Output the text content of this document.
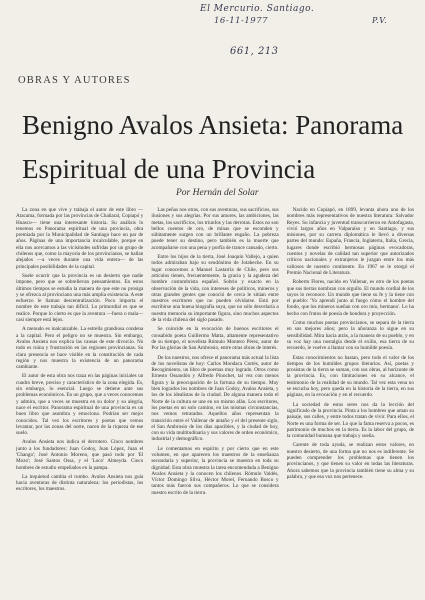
El Mercurio. Santiago.
16-11-1977	P.V.
661, 213
OBRAS Y AUTORES
Benigno Avalos Ansieta: Panorama
Espiritual de una Provincia
Por Hernán del Solar

La zona en que vive y trabaja el autor de este libro —Atacama, formada por las provincias de Chañaral, Copiapó y Huasco— tiene una interesante historia. Su análisis lo tenemos en Panorama espiritual de una provincia, obra premiada por la Municipalidad de Santiago hace un par de años. Páginas de una importancia incalculable, porque en ella nos acercamos a las vicisitudes sufridas por un grupo de chilenos que, como la mayoría de los provincianos, se hallan alejados —a veces durante una vida entera— de las principales posibilidades de la capital.

Suele ocurrir que la provincia es un desierto que nadie impone, pero que se sobrellevan pensamientos. En estos últimos tiempos se estudia la manera de que este no prosiga y se ofrezca al provinciano una más amplia existencia. A este esfuerzo le llaman descentralización. Poco importa el nombre de este trabajo tan difícil. Lo primordial es que se realice. Porque lo cierto es que la aventura —fuera o mala— casi siempre está lejos.

A menudo es inalcanzable. La estrella grandiosa condena a la capital. Pero el peligro no se muestra. Sin embargo, Avalos Ansieta nos explica las causas de este divorcio. No todo es ruina y frustración en las regiones provincianas. Su clara presencia se hace visible en la constitución de cada región y nos muestra la existencia de un panorama cambiante.

El autor de esta obra nos traza en las páginas iniciales un cuadro breve, preciso y característico de la zona elegida. Es, sin embargo, lo esencial. Luego se detiene ante sus problemas económicos. En un grupo, que a veces conocemos y admira, que a veces se muestra en su dolor y su alegría, nace el escritor. Panorama espiritual de una provincia es un buen libro que asombra y emociona. Podrían ser mejor conocidos. Tal vez los escritores y poetas que vemos levantar, por las zonas del norte, nacen de la riqueza de ese suelo.

Avalos Ansieta nos indica el derrotero. Cinco nombres junto a los fundadores: Juan Godoy, Juan López, Juan el 'Chango'; José Antonio Moreno, que pasó todo por 'El Mozo'; José Santos Ossa, y el 'Loco' Almeyda. Cinco hombres de estudio empeñados en la pampa.

La inquietud cambia el rumbo. Avalos Ansieta nos guía hacia aventuras de distinta naturaleza: los periodistas, los escritores, los maestros.

Las peñas nos otras, con sus aventuras, sus sacrificios, sus ilusiones y sus alegrías. Por sus amores, las ambiciones, las metas, los sacrificios, los triunfos y las derrotas. Estos no son bellos cuentos de oro, de minas que se esconden y súbitamente surgen con un brillante engaño. La pobreza puede tener su destino, pero también es la muerte que acompañarse con una pena y porfía de trance cansado, cierto.

Entre los hijos de la tierra, José Joaquín Vallejo, a quien todos admiraban bajo su seudónimo de Jotabeche. En su lugar conocemos a Manuel Lastarria de Chile, pero sus artículos tienen, frecuentemente, la gracia y la agudeza del hombre costumbrista español. Sobrio y exacto en la observación de la vida, con intereses de políticos, mineros y otras grandes gentes que conoció de cerca le sitúan entre nuestros escritores que no pueden olvidarse. Está por escribirse una buena biografía suya, que no sólo desvelaría a nuestra memoria su importante figura, sino muchos aspectos de la vida chilena del siglo pasado.

Se coincide en la evocación de buenos escritores el consabido poeta Guillermo Matta, altamente representativo de su tiempo, el novelista Rómulo Montero Pérez, autor de Por las glorias de San Ambrosio, entre otras obras de interés.

De los nuestros, nos ofrece el panorama más actual la lista de los novelistas de hoy: Carlos Mondaca Cortés, autor de Recogimiento, un libro de poemas muy logrado. Otros como Ernesto Ossandón y Alfredo Pinochet, tal vez con menos figura y la preocupación de la fortuna de su tiempo. Muy bien logrados los nombres de Juan Godoy, Avalos Ansieta, y los de los idealistas de la ciudad. De alguna manera todo el Norte de la cultura se une en un mismo afán. Los escritores, los poetas en un solo camino, en las mismas circunstancias, nos vemos retratados. Aquellos años representan la transición entre el Vallenar de antaño y el del presente siglo, el San Ambrosio de los días apacibles, y la ciudad de hoy, con su vida multitudinaria y sus valores de orden económico, industrial y demográfico.

Le comentamos en espíritu y por cierto que en este volumen, en que aparecen los maestros de la enseñanza secundaria y superior, la provincia se muestra en toda su dignidad. Esta obra muestra la tarea encomendada a Benigno Avalos Ansieta y la conocen los chilenos. Rómulo Valdés, Víctor Domingo Silva, Héctor Morel, Fernando Bosco y tantos más fueron sus compañeros. Lo que se considera nuestro escrito de la tierra.

Nacido en Copiapó, en 1899, levanta ahora uno de los nombres más representativos de nuestra literatura: Salvador Reyes. Su infancia y juventud transcurrieron en Antofagasta, vivió largos años en Valparaíso y en Santiago, y sus misiones, por su carrera diplomática le llevó a diversas partes del mundo: España, Francia, Inglaterra, Italia, Grecia, lugares donde escribió hermosas páginas evocadoras, cuentos y novelas de calidad tan superior que autorizados críticos nacionales y extranjeros le juzgan entre los más valiosos de nuestro continente. En 1967 se le otorgó el Premio Nacional de Literatura.

Roberto Flores, nacido en Vallenar, es otro de los poetas que sus tierras nombran con orgullo. El mundo cordial de los suyos lo reconoce. Un mundo que tiene su fe y la tiene con el pueblo: 'Yo aprendí junto al fuego cómo el hombre del fondo, que los mineros sueñan con oro mío, hermano'. Lo ha hecho con frutos de poesía de hondura y proyección.

Como muchos poetas provincianos, se separa de la tierra en sus mejores años; pero la añoranza lo sigue en su sensibilidad. Mira hacia atrás, a la manera de su pueblo, y en su voz hay una nostalgia desde el exilio, esa tierra de su recuerdo, le vuelve a llamar con su humilde poesía.

Estas conocimientos no bastan, pero todo el valor de los tiempos de los humildes grupos literarios. Así, poetas y prosistas de la tierra se suman, con sus obras, al horizonte de la provincia. Es, con limitaciones en su alcance, el testimonio de la realidad de su mundo. Tal vez esta vena no se escucha hoy, pero queda en la historia de la tierra, en sus páginas, en la evocación y en el recuerdo.

La sociedad de estos seres nos da la lección del significado de la provincia. Pinta a los hombres que aman su paisaje, sus calles, y entre todos tratan de vivir. Para ellos, el Norte es una forma de ser. Lo que la fama reserva a pocos, es patrimonio de muchos en la tierra. Es la labor del grupo, de la comunidad humana que trabaja y sueña.

Carente de toda ayuda, se realizan estos valores, en nuestro desierto, de una forma que no nos es indiferente. Se pueden comprender los problemas que tienen los provincianos, y que tienen su valor en todas las literaturas. Ahora sabemos que la provincia también tiene su alma y su palabra, y que esa voz nos pertenece.
